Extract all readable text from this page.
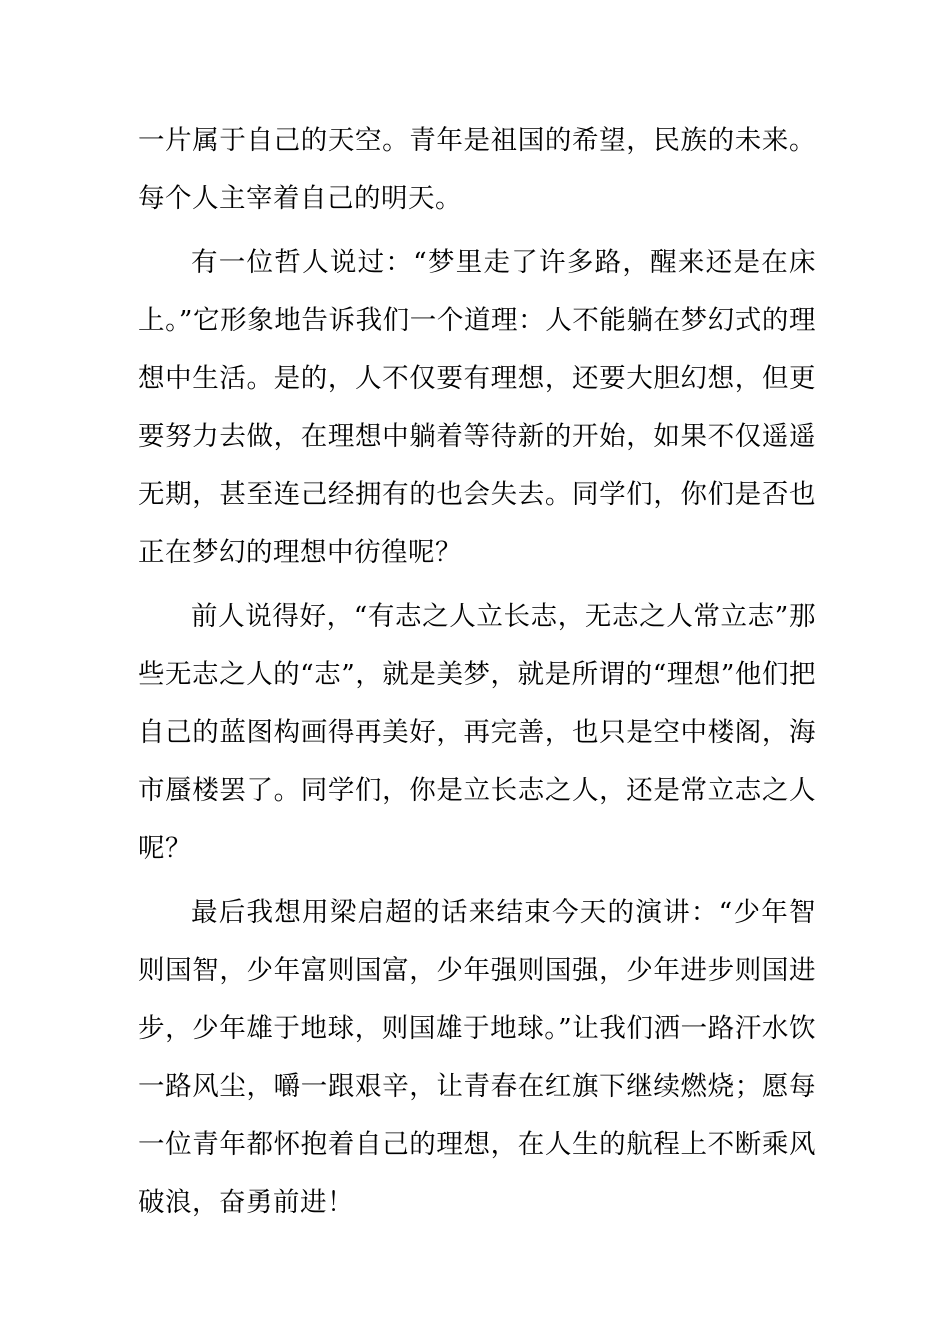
一片属于自己的天空。青年是祖国的希望，民族的未来。每个人主宰着自己的明天。

有一位哲人说过：“梦里走了许多路，醒来还是在床上。”它形象地告诉我们一个道理：人不能躺在梦幻式的理想中生活。是的，人不仅要有理想，还要大胆幻想，但更要努力去做，在理想中躺着等待新的开始，如果不仅遥遥无期，甚至连己经拥有的也会失去。同学们，你们是否也正在梦幻的理想中彷徨呢？

前人说得好，“有志之人立长志，无志之人常立志”那些无志之人的“志”，就是美梦，就是所谓的“理想”他们把自己的蓝图构画得再美好，再完善，也只是空中楼阁，海市蜃楼罢了。同学们，你是立长志之人，还是常立志之人呢？

最后我想用梁启超的话来结束今天的演讲：“少年智则国智，少年富则国富，少年强则国强，少年进步则国进步，少年雄于地球，则国雄于地球。”让我们洒一路汗水饮一路风尘，嚼一跟艰辛，让青春在红旗下继续燃烧；愿每一位青年都怀抱着自己的理想，在人生的航程上不断乘风破浪，奋勇前进！
